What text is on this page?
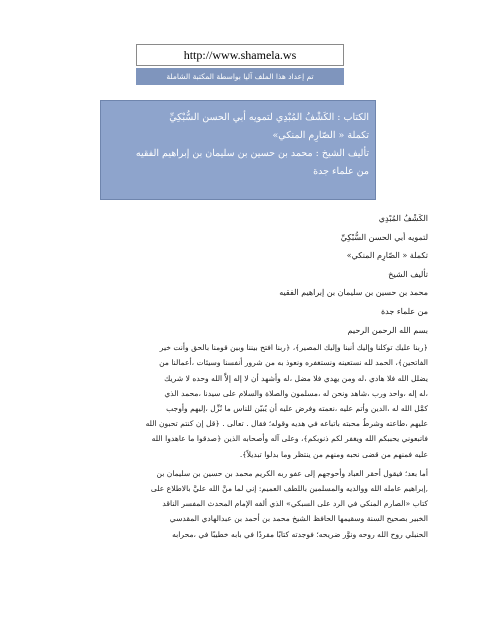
http://www.shamela.ws
تم إعداد هذا الملف آليا بواسطة المكتبة الشاملة
الكتاب : الكَشْفُ المُبْدِي لتمويه أبي الحسن السُّبْكِيِّ
تكملة « الصّارِم المنكي»
تأليف الشيخ : محمد بن حسين بن سليمان بن إبراهيم الفقيه
من علماء جدة
الكَشْفُ المُبْدِي
لتمويه أبي الحسن السُّبْكِيِّ
تكملة « الصّارِم المنكي»
تأليف الشيخ
محمد بن حسين بن سليمان بن إبراهيم الفقيه
من علماء جدة
بسم الله الرحمن الرحيم
﴿ربنا عليك توكلنا وإليك أنبنا وإليك المصير﴾، ﴿ربنا افتح بيننا وبين قومنا بالحق وأنت خير
الفاتحين﴾، الحمد لله نستعينه ونستغفره ونعوذ به من شرور أنفسنا وسيئات ،أعمالنا من
يضلل الله فلا هادي ،له ومن يهدي فلا مضل ،له وأشهد أن لا إله إلاَّ الله وحده لا شريك
،له إله ،واحد ورب ،شاهد ونحن له ،مسلمون والصلاة والسلام على سيدنا ،محمد الذي
كمَّل الله له ،الدين وأتم عليه ،نعمته وفرض عليه أن يُبيّن للناس ما نُزِّل ،إليهم وأوجب
عليهم ،طاعته وشرطُ محبته باتباعه في هديه وقوله؛ فقال . تعالى . ﴿قل إن كنتم تحبون الله
فاتبعوني يحببكم الله ويغفر لكم ذنوبكم﴾، وعلى آله وأصحابه الذين ﴿صدقوا ما عاهدوا الله
عليه فمنهم من قضى نحبه ومنهم من ينتظر وما بدلوا تبديلاً﴾.
أما بعد؛ فيقول أحقر العباد وأحوجهم إلى عفو ربه الكريم محمد بن حسين بن سليمان بن
,إبراهيم عامله الله ووالديه والمسلمين باللطف العميم: إني لما منَّ الله عليَّ بالاطلاع على
كتاب «الصارم المنكي في الرد على السبكي» الذي ألفه الإمام المحدث المفسر الناقد
الخبير بصحيح السنة وسقيمها الحافظ الشيخ محمد بن أحمد بن عبدالهادي المقدسي
الحنبلي روح الله روحه ونوَّر ضريحه؛ فوجدته كتابًا مفردًا في بابه خطيبًا في ،محرابه
